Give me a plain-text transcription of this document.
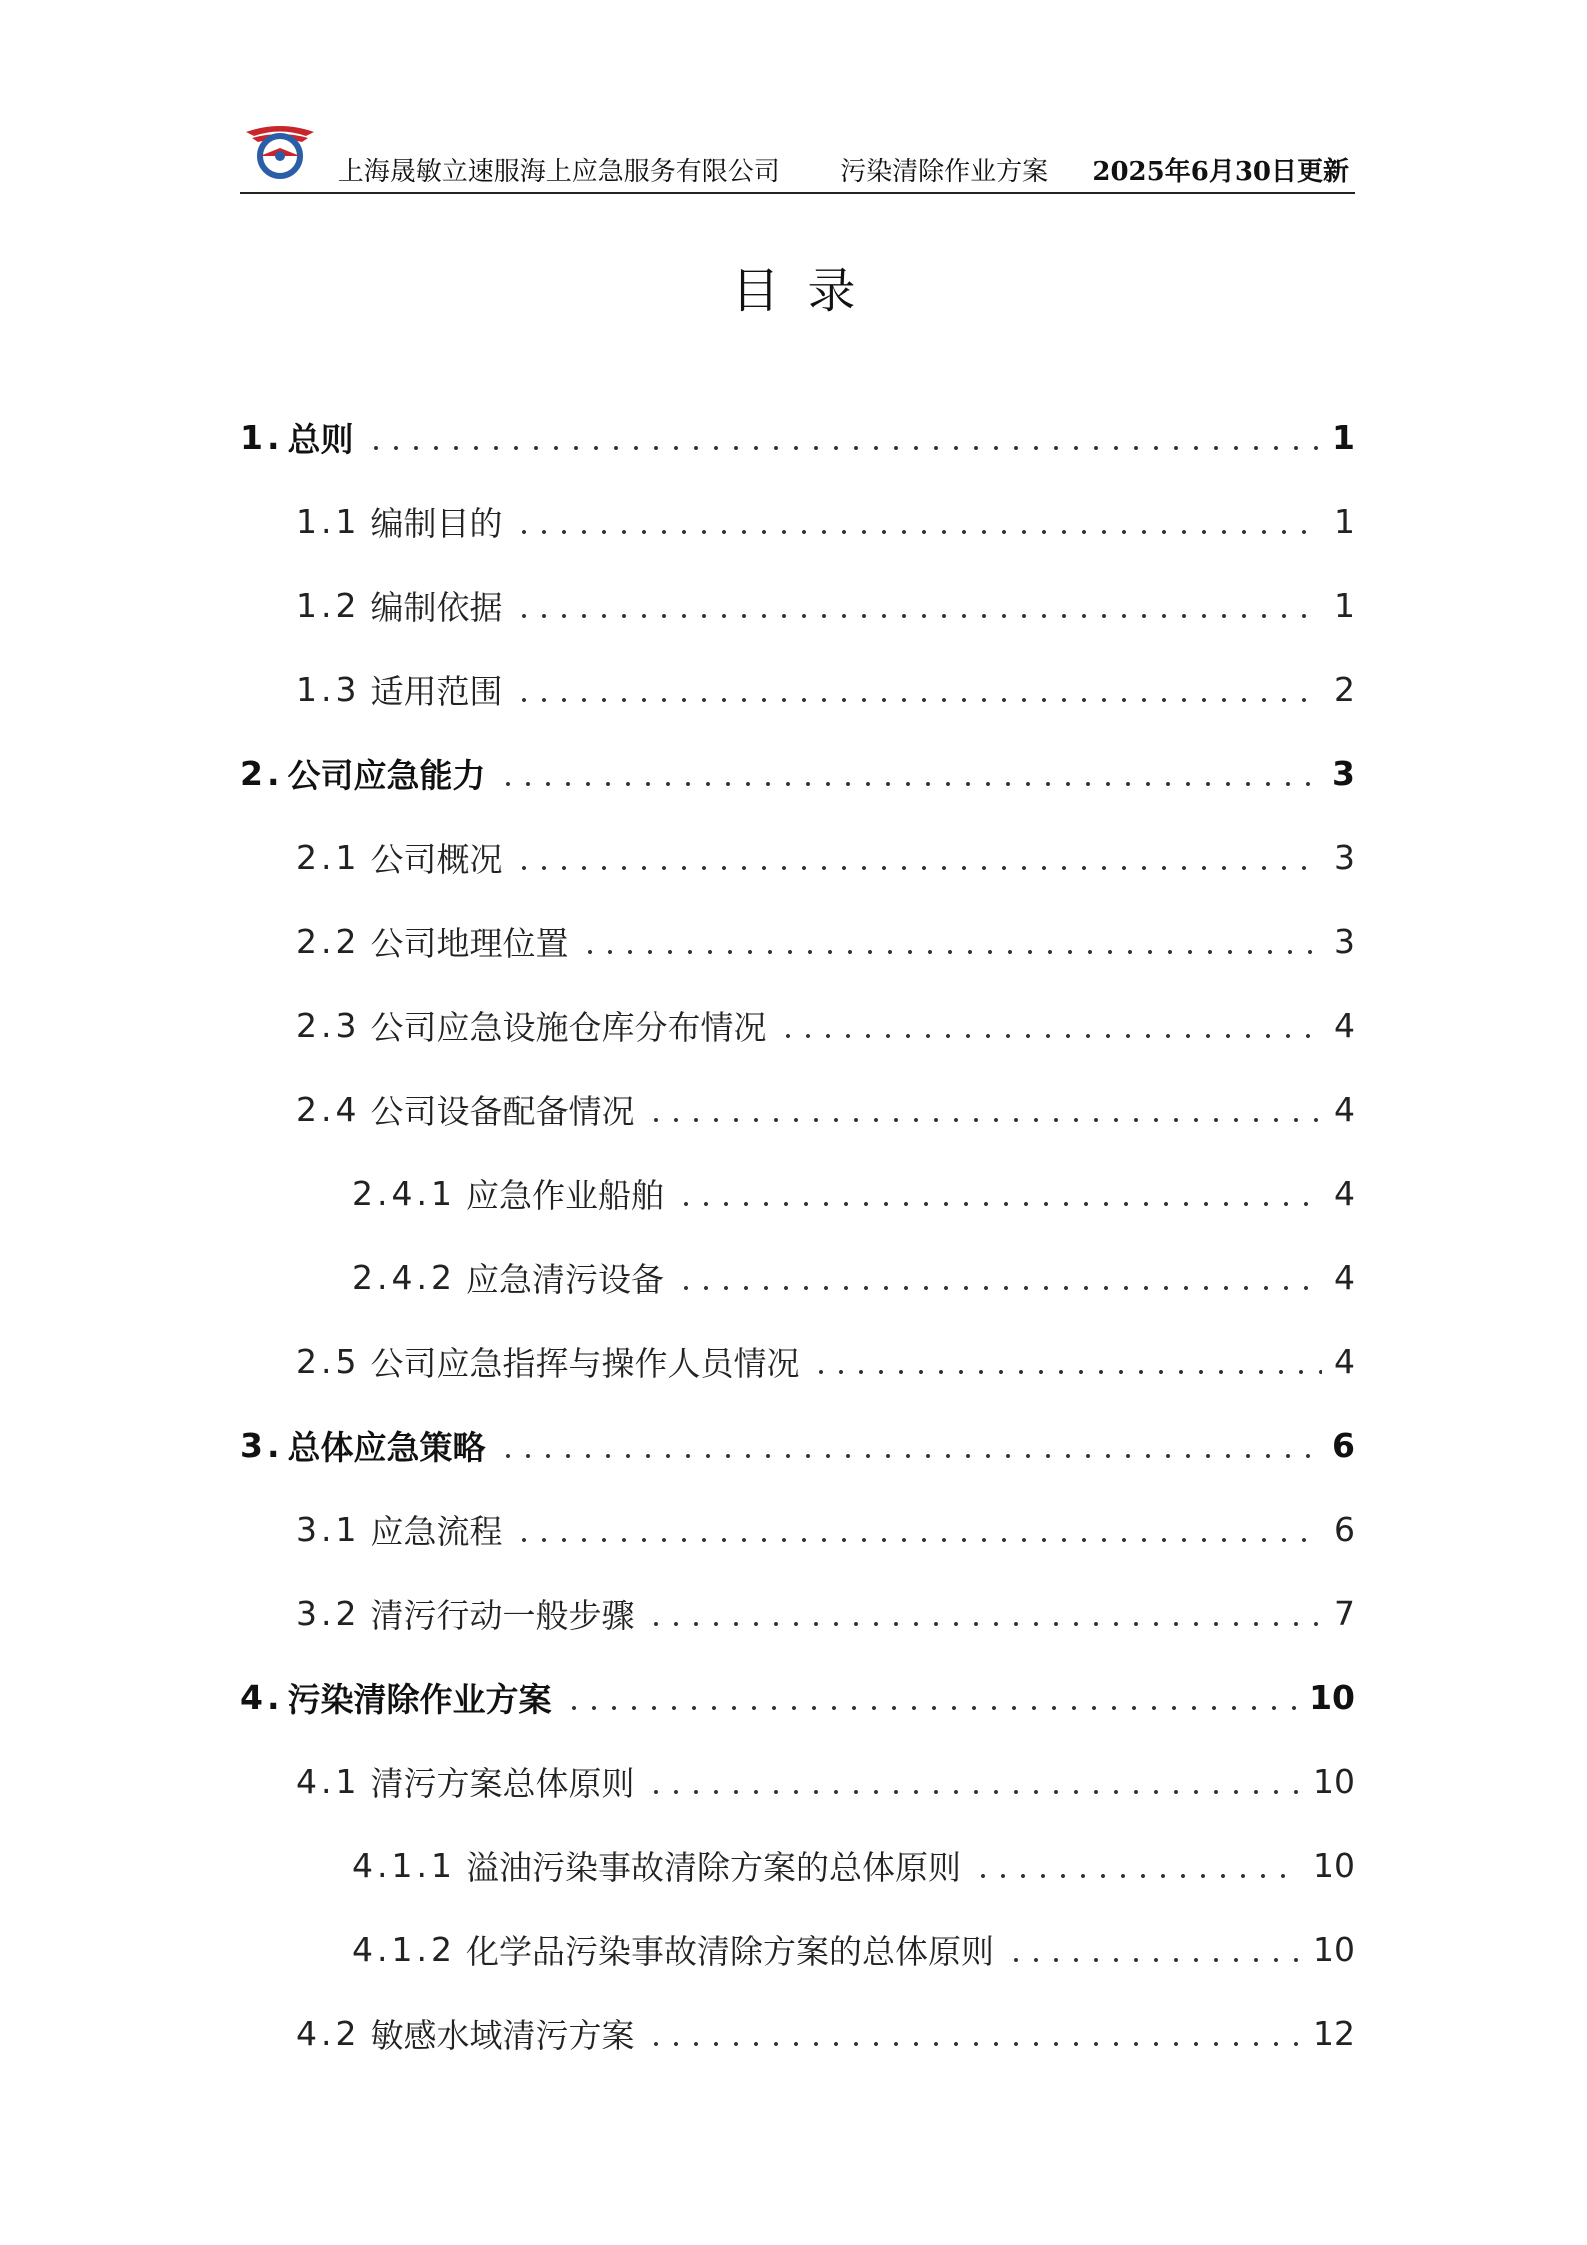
上海晟敏立速服海上应急服务有限公司 污染清除作业方案 2025年6月30日更新
目录
1. 总则	1
1.1 编制目的	1
1.2 编制依据	1
1.3 适用范围	2
2. 公司应急能力	3
2.1 公司概况	3
2.2 公司地理位置	3
2.3 公司应急设施仓库分布情况	4
2.4 公司设备配备情况	4
2.4.1 应急作业船舶	4
2.4.2 应急清污设备	4
2.5 公司应急指挥与操作人员情况	4
3. 总体应急策略	6
3.1 应急流程	6
3.2 清污行动一般步骤	7
4. 污染清除作业方案	10
4.1 清污方案总体原则	10
4.1.1 溢油污染事故清除方案的总体原则	10
4.1.2 化学品污染事故清除方案的总体原则	10
4.2 敏感水域清污方案	12
